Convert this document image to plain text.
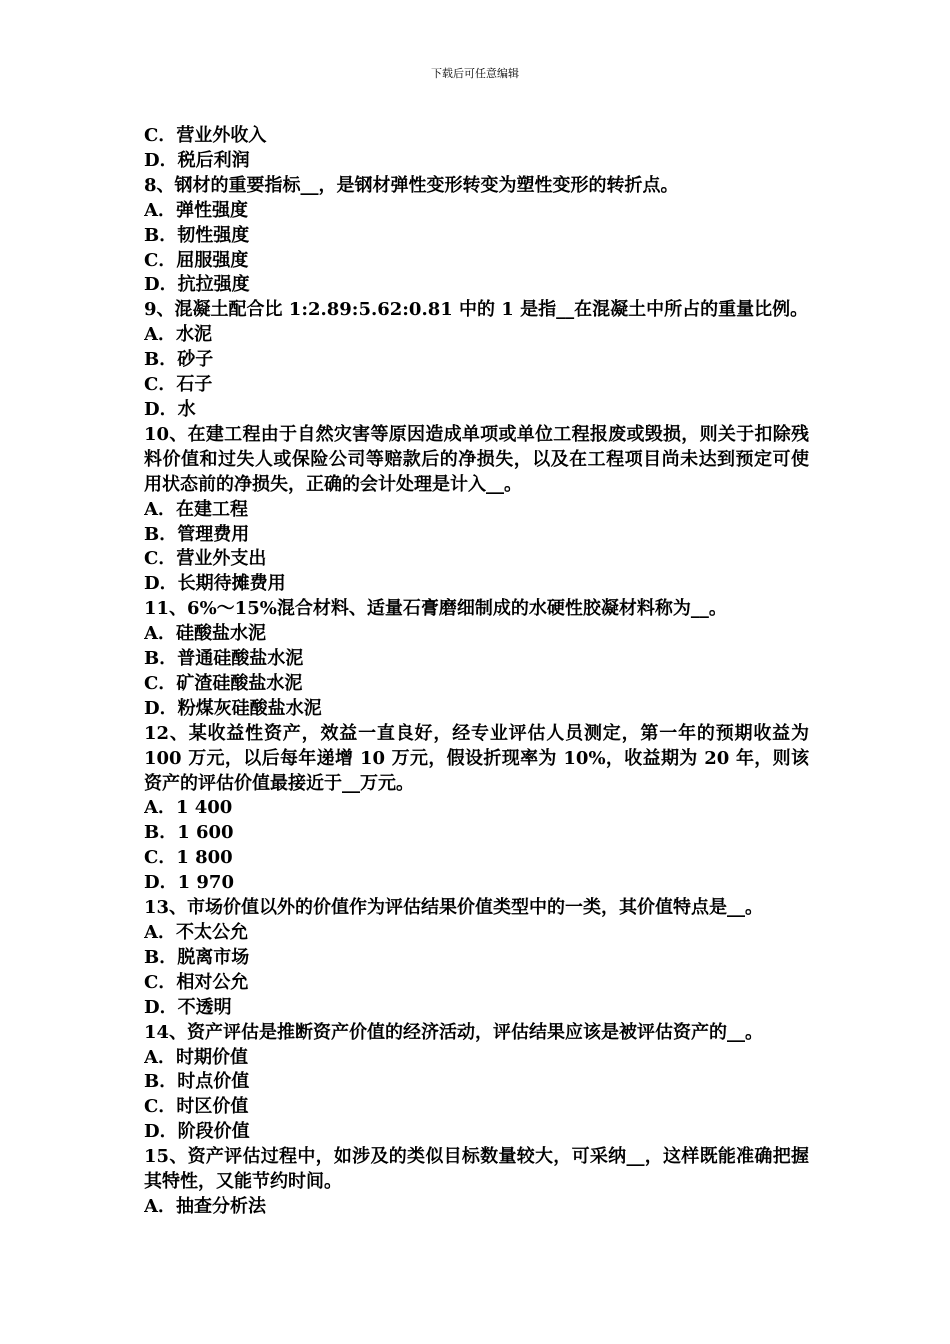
下载后可任意编辑
C．营业外收入
D．税后利润
8、钢材的重要指标__，是钢材弹性变形转变为塑性变形的转折点。
A．弹性强度
B．韧性强度
C．屈服强度
D．抗拉强度
9、混凝土配合比 1:2.89:5.62:0.81 中的 1 是指__在混凝土中所占的重量比例。
A．水泥
B．砂子
C．石子
D．水
10、在建工程由于自然灾害等原因造成单项或单位工程报废或毁损，则关于扣除残料价值和过失人或保险公司等赔款后的净损失，以及在工程项目尚未达到预定可使用状态前的净损失，正确的会计处理是计入__。
A．在建工程
B．管理费用
C．营业外支出
D．长期待摊费用
11、6%～15%混合材料、适量石膏磨细制成的水硬性胶凝材料称为__。
A．硅酸盐水泥
B．普通硅酸盐水泥
C．矿渣硅酸盐水泥
D．粉煤灰硅酸盐水泥
12、某收益性资产，效益一直良好，经专业评估人员测定，第一年的预期收益为 100 万元，以后每年递增 10 万元，假设折现率为 10%，收益期为 20 年，则该资产的评估价值最接近于__万元。
A．1 400
B．1 600
C．1 800
D．1 970
13、市场价值以外的价值作为评估结果价值类型中的一类，其价值特点是__。
A．不太公允
B．脱离市场
C．相对公允
D．不透明
14、资产评估是推断资产价值的经济活动，评估结果应该是被评估资产的__。
A．时期价值
B．时点价值
C．时区价值
D．阶段价值
15、资产评估过程中，如涉及的类似目标数量较大，可采纳__，这样既能准确把握其特性，又能节约时间。
A．抽查分析法
